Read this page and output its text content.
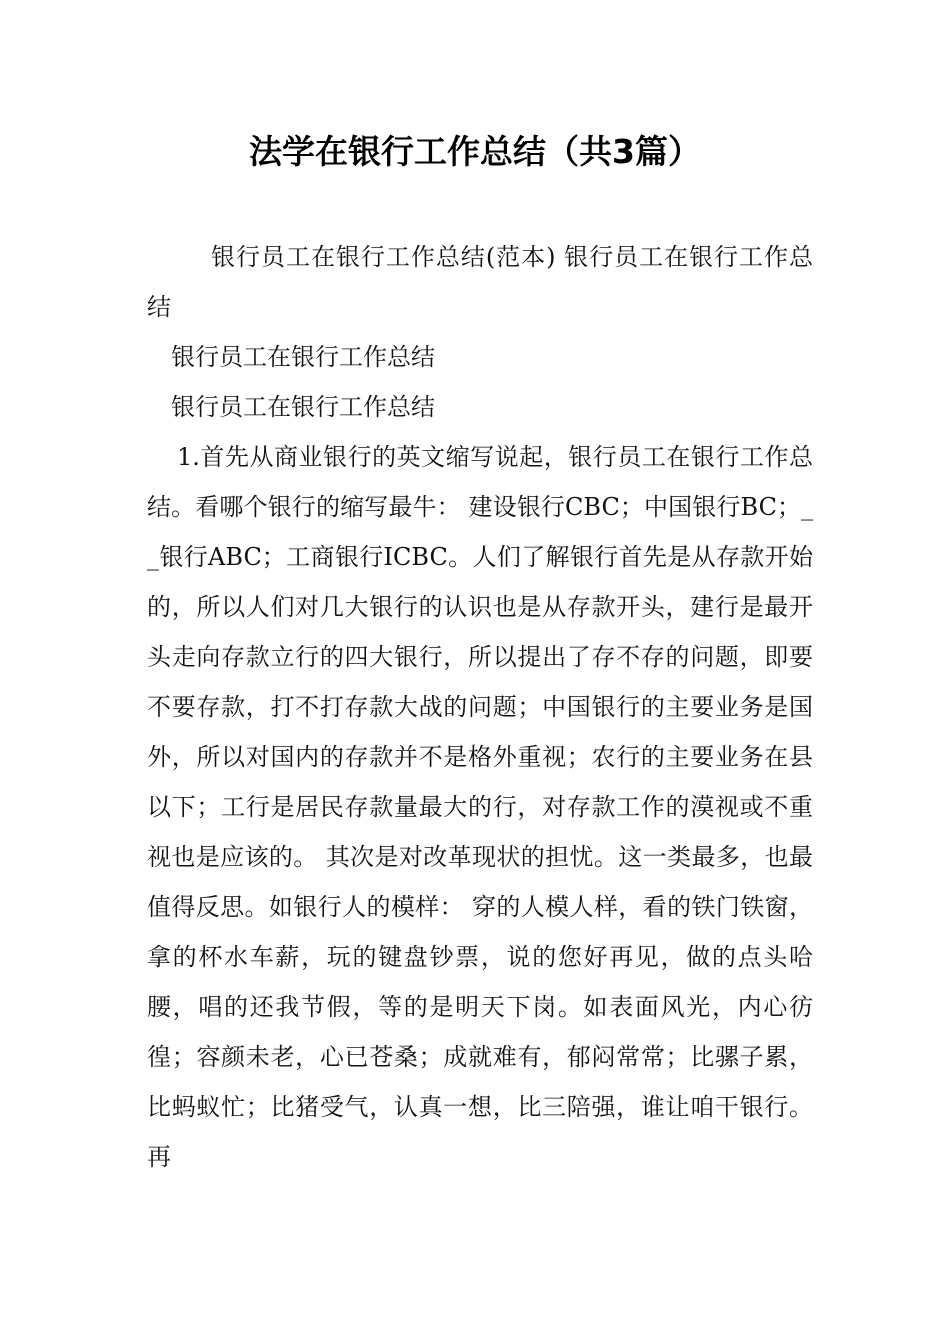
法学在银行工作总结（共3篇）

银行员工在银行工作总结(范本) 银行员工在银行工作总结

银行员工在银行工作总结

银行员工在银行工作总结

1.首先从商业银行的英文缩写说起，银行员工在银行工作总结。看哪个银行的缩写最牛： 建设银行CBC；中国银行BC；__银行ABC；工商银行ICBC。人们了解银行首先是从存款开始的，所以人们对几大银行的认识也是从存款开头，建行是最开头走向存款立行的四大银行，所以提出了存不存的问题，即要不要存款，打不打存款大战的问题；中国银行的主要业务是国外，所以对国内的存款并不是格外重视；农行的主要业务在县以下；工行是居民存款量最大的行，对存款工作的漠视或不重视也是应该的。 其次是对改革现状的担忧。这一类最多，也最值得反思。如银行人的模样： 穿的人模人样，看的铁门铁窗，拿的杯水车薪，玩的键盘钞票，说的您好再见，做的点头哈腰，唱的还我节假，等的是明天下岗。如表面风光，内心彷徨；容颜未老，心已苍桑；成就难有，郁闷常常；比骡子累，比蚂蚁忙；比猪受气，认真一想，比三陪强，谁让咱干银行。再
